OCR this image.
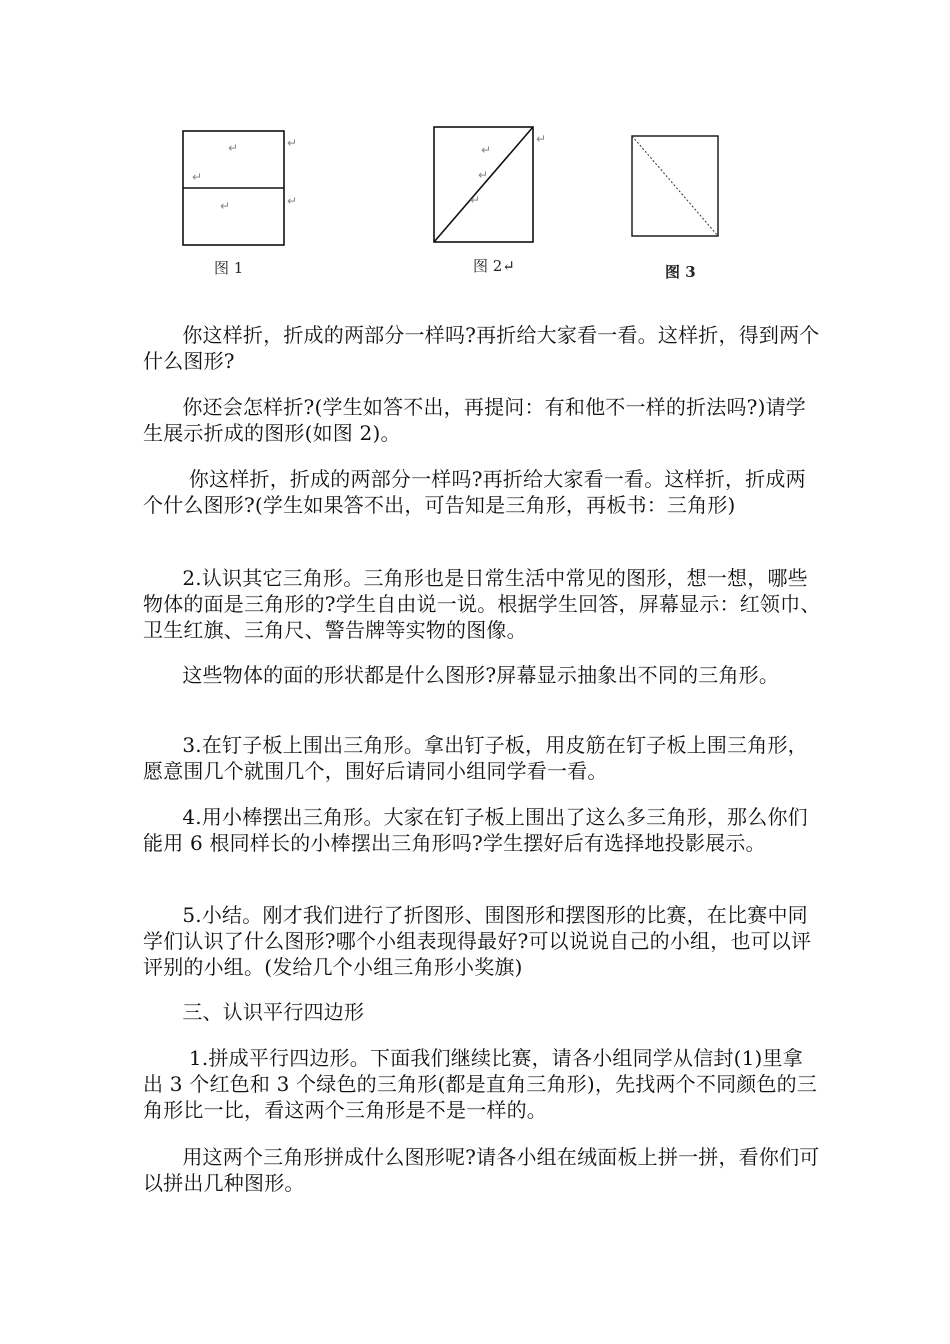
↵	↵
↵
↵	↵
↵
↵
↵
↵
图 1	图 2↵	图 3

你这样折，折成的两部分一样吗?再折给大家看一看。这样折，得到两个什么图形?

你还会怎样折?(学生如答不出，再提问：有和他不一样的折法吗?)请学生展示折成的图形(如图 2)。

你这样折，折成的两部分一样吗?再折给大家看一看。这样折，折成两个什么图形?(学生如果答不出，可告知是三角形，再板书：三角形)

2.认识其它三角形。三角形也是日常生活中常见的图形，想一想，哪些物体的面是三角形的?学生自由说一说。根据学生回答，屏幕显示：红领巾、卫生红旗、三角尺、警告牌等实物的图像。

这些物体的面的形状都是什么图形?屏幕显示抽象出不同的三角形。

3.在钉子板上围出三角形。拿出钉子板，用皮筋在钉子板上围三角形，愿意围几个就围几个，围好后请同小组同学看一看。

4.用小棒摆出三角形。大家在钉子板上围出了这么多三角形，那么你们能用 6 根同样长的小棒摆出三角形吗?学生摆好后有选择地投影展示。

5.小结。刚才我们进行了折图形、围图形和摆图形的比赛，在比赛中同学们认识了什么图形?哪个小组表现得最好?可以说说自己的小组，也可以评评别的小组。(发给几个小组三角形小奖旗)

三、认识平行四边形

1.拼成平行四边形。下面我们继续比赛，请各小组同学从信封(1)里拿出 3 个红色和 3 个绿色的三角形(都是直角三角形)，先找两个不同颜色的三角形比一比，看这两个三角形是不是一样的。

用这两个三角形拼成什么图形呢?请各小组在绒面板上拼一拼，看你们可以拼出几种图形。
